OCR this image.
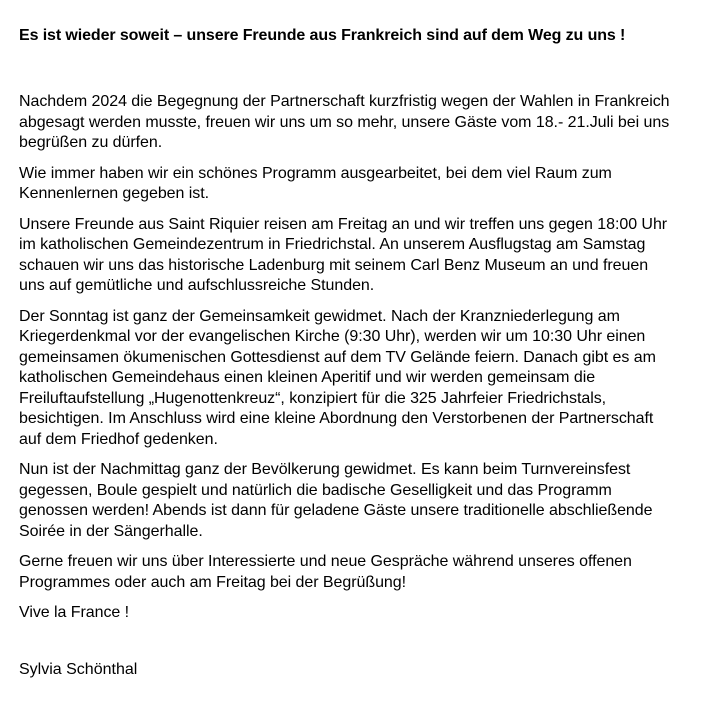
Es ist wieder soweit – unsere Freunde aus Frankreich sind auf dem Weg zu uns !

Nachdem 2024 die Begegnung der Partnerschaft kurzfristig wegen der Wahlen in Frankreich
abgesagt werden musste, freuen wir uns um so mehr, unsere Gäste vom 18.- 21.Juli bei uns
begrüßen zu dürfen.

Wie immer haben wir ein schönes Programm ausgearbeitet, bei dem viel Raum zum
Kennenlernen gegeben ist.

Unsere Freunde aus Saint Riquier reisen am Freitag an und wir treffen uns gegen 18:00 Uhr
im katholischen Gemeindezentrum in Friedrichstal. An unserem Ausflugstag am Samstag
schauen wir uns das historische Ladenburg mit seinem Carl Benz Museum an und freuen
uns auf gemütliche und aufschlussreiche Stunden.

Der Sonntag ist ganz der Gemeinsamkeit gewidmet. Nach der Kranzniederlegung am
Kriegerdenkmal vor der evangelischen Kirche (9:30 Uhr), werden wir um 10:30 Uhr einen
gemeinsamen ökumenischen Gottesdienst auf dem TV Gelände feiern. Danach gibt es am
katholischen Gemeindehaus einen kleinen Aperitif und wir werden gemeinsam die
Freiluftaufstellung „Hugenottenkreuz“, konzipiert für die 325 Jahrfeier Friedrichstals,
besichtigen. Im Anschluss wird eine kleine Abordnung den Verstorbenen der Partnerschaft
auf dem Friedhof gedenken.

Nun ist der Nachmittag ganz der Bevölkerung gewidmet. Es kann beim Turnvereinsfest
gegessen, Boule gespielt und natürlich die badische Geselligkeit und das Programm
genossen werden! Abends ist dann für geladene Gäste unsere traditionelle abschließende
Soirée in der Sängerhalle.

Gerne freuen wir uns über Interessierte und neue Gespräche während unseres offenen
Programmes oder auch am Freitag bei der Begrüßung!

Vive la France !

Sylvia Schönthal
